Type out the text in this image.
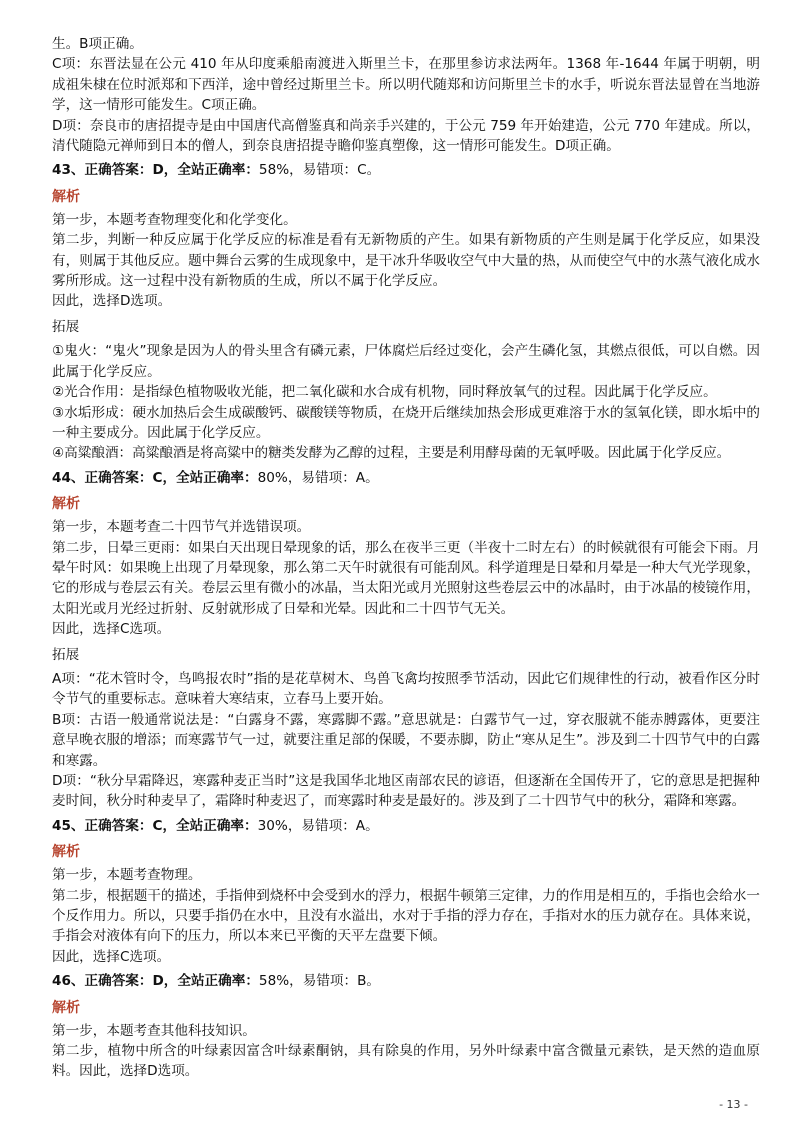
生。B项正确。

C项：东晋法显在公元 410 年从印度乘船南渡进入斯里兰卡，在那里参访求法两年。1368 年-1644 年属于明朝，明成祖朱棣在位时派郑和下西洋，途中曾经过斯里兰卡。所以明代随郑和访问斯里兰卡的水手，听说东晋法显曾在当地游学，这一情形可能发生。C项正确。

D项：奈良市的唐招提寺是由中国唐代高僧鉴真和尚亲手兴建的，于公元 759 年开始建造，公元 770 年建成。所以，清代随隐元禅师到日本的僧人，到奈良唐招提寺瞻仰鉴真塑像，这一情形可能发生。D项正确。

43、正确答案：D，全站正确率：58%，易错项：C。

解析

第一步，本题考查物理变化和化学变化。

第二步，判断一种反应属于化学反应的标准是看有无新物质的产生。如果有新物质的产生则是属于化学反应，如果没有，则属于其他反应。题中舞台云雾的生成现象中，是干冰升华吸收空气中大量的热，从而使空气中的水蒸气液化成水雾所形成。这一过程中没有新物质的生成，所以不属于化学反应。

因此，选择D选项。

拓展

①鬼火：“鬼火”现象是因为人的骨头里含有磷元素，尸体腐烂后经过变化，会产生磷化氢，其燃点很低，可以自燃。因此属于化学反应。

②光合作用：是指绿色植物吸收光能，把二氧化碳和水合成有机物，同时释放氧气的过程。因此属于化学反应。

③水垢形成：硬水加热后会生成碳酸钙、碳酸镁等物质，在烧开后继续加热会形成更难溶于水的氢氧化镁，即水垢中的一种主要成分。因此属于化学反应。

④高粱酿酒：高粱酿酒是将高粱中的糖类发酵为乙醇的过程，主要是利用酵母菌的无氧呼吸。因此属于化学反应。

44、正确答案：C，全站正确率：80%，易错项：A。

解析

第一步，本题考查二十四节气并选错误项。

第二步，日晕三更雨：如果白天出现日晕现象的话，那么在夜半三更（半夜十二时左右）的时候就很有可能会下雨。月晕午时风：如果晚上出现了月晕现象，那么第二天午时就很有可能刮风。科学道理是日晕和月晕是一种大气光学现象，它的形成与卷层云有关。卷层云里有微小的冰晶，当太阳光或月光照射这些卷层云中的冰晶时，由于冰晶的棱镜作用，太阳光或月光经过折射、反射就形成了日晕和光晕。因此和二十四节气无关。

因此，选择C选项。

拓展

A项：“花木管时令，鸟鸣报农时”指的是花草树木、鸟兽飞禽均按照季节活动，因此它们规律性的行动，被看作区分时令节气的重要标志。意味着大寒结束，立春马上要开始。

B项：古语一般通常说法是：“白露身不露，寒露脚不露。”意思就是：白露节气一过，穿衣服就不能赤膊露体，更要注意早晚衣服的增添；而寒露节气一过，就要注重足部的保暖，不要赤脚，防止“寒从足生”。涉及到二十四节气中的白露和寒露。

D项：“秋分早霜降迟，寒露种麦正当时”这是我国华北地区南部农民的谚语，但逐渐在全国传开了，它的意思是把握种麦时间，秋分时种麦早了，霜降时种麦迟了，而寒露时种麦是最好的。涉及到了二十四节气中的秋分，霜降和寒露。

45、正确答案：C，全站正确率：30%，易错项：A。

解析

第一步，本题考查物理。

第二步，根据题干的描述，手指伸到烧杯中会受到水的浮力，根据牛顿第三定律，力的作用是相互的，手指也会给水一个反作用力。所以，只要手指仍在水中，且没有水溢出，水对于手指的浮力存在，手指对水的压力就存在。具体来说，手指会对液体有向下的压力，所以本来已平衡的天平左盘要下倾。

因此，选择C选项。

46、正确答案：D，全站正确率：58%，易错项：B。

解析

第一步，本题考查其他科技知识。

第二步，植物中所含的叶绿素因富含叶绿素酮钠，具有除臭的作用，另外叶绿素中富含微量元素铁，是天然的造血原料。因此，选择D选项。

- 13 -
